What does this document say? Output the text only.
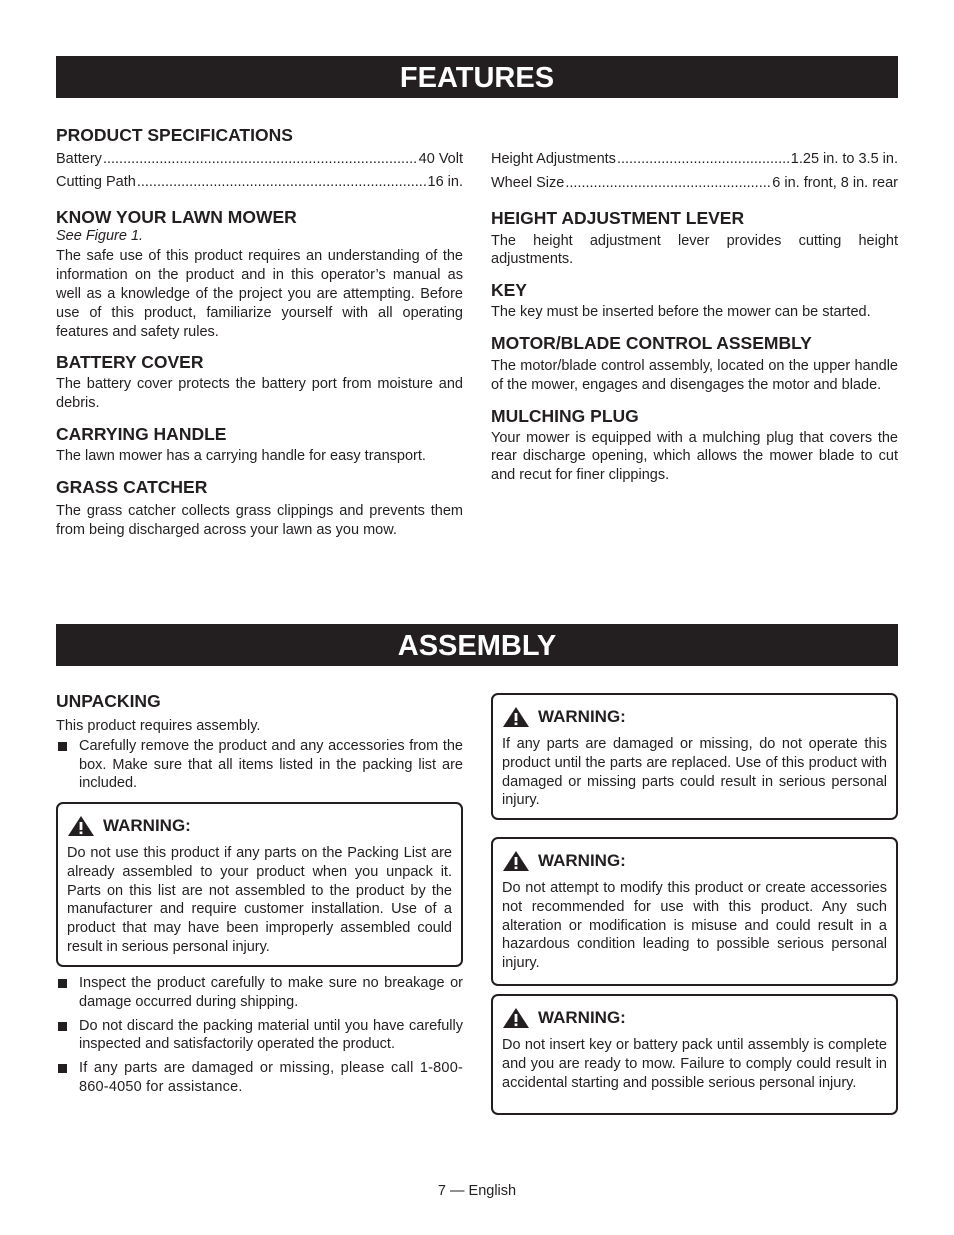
FEATURES
PRODUCT SPECIFICATIONS
Battery .....	40 Volt
Cutting Path .....	16 in.
KNOW YOUR LAWN MOWER

See Figure 1.

The safe use of this product requires an understanding of the information on the product and in this operator’s manual as well as a knowledge of the project you are attempting. Before use of this product, familiarize yourself with all operating features and safety rules.

BATTERY COVER

The battery cover protects the battery port from moisture and debris.

CARRYING HANDLE

The lawn mower has a carrying handle for easy transport.

GRASS CATCHER

The grass catcher collects grass clippings and prevents them from being discharged across your lawn as you mow.

Height Adjustments .....	1.25 in. to 3.5 in.
Wheel Size .....	6 in. front, 8 in. rear
HEIGHT ADJUSTMENT LEVER

The height adjustment lever provides cutting height adjustments.

KEY

The key must be inserted before the mower can be started.

MOTOR/BLADE CONTROL ASSEMBLY

The motor/blade control assembly, located on the upper handle of the mower, engages and disengages the motor and blade.

MULCHING PLUG

Your mower is equipped with a mulching plug that covers the rear discharge opening, which allows the mower blade to cut and recut for finer clippings.

ASSEMBLY
UNPACKING

This product requires assembly.

Carefully remove the product and any accessories from the box. Make sure that all items listed in the packing list are included.
WARNING:

Do not use this product if any parts on the Packing List are already assembled to your product when you unpack it. Parts on this list are not assembled to the product by the manufacturer and require customer installation. Use of a product that may have been improperly assembled could result in serious personal injury.

Inspect the product carefully to make sure no breakage or damage occurred during shipping.
Do not discard the packing material until you have carefully inspected and satisfactorily operated the product.
If any parts are damaged or missing, please call 1-800-860-4050 for assistance.
WARNING:

If any parts are damaged or missing, do not operate this product until the parts are replaced. Use of this product with damaged or missing parts could result in serious personal injury.

WARNING:

Do not attempt to modify this product or create accessories not recommended for use with this product. Any such alteration or modification is misuse and could result in a hazardous condition leading to possible serious personal injury.

WARNING:

Do not insert key or battery pack until assembly is complete and you are ready to mow. Failure to comply could result in accidental starting and possible serious personal injury.

7 — English
